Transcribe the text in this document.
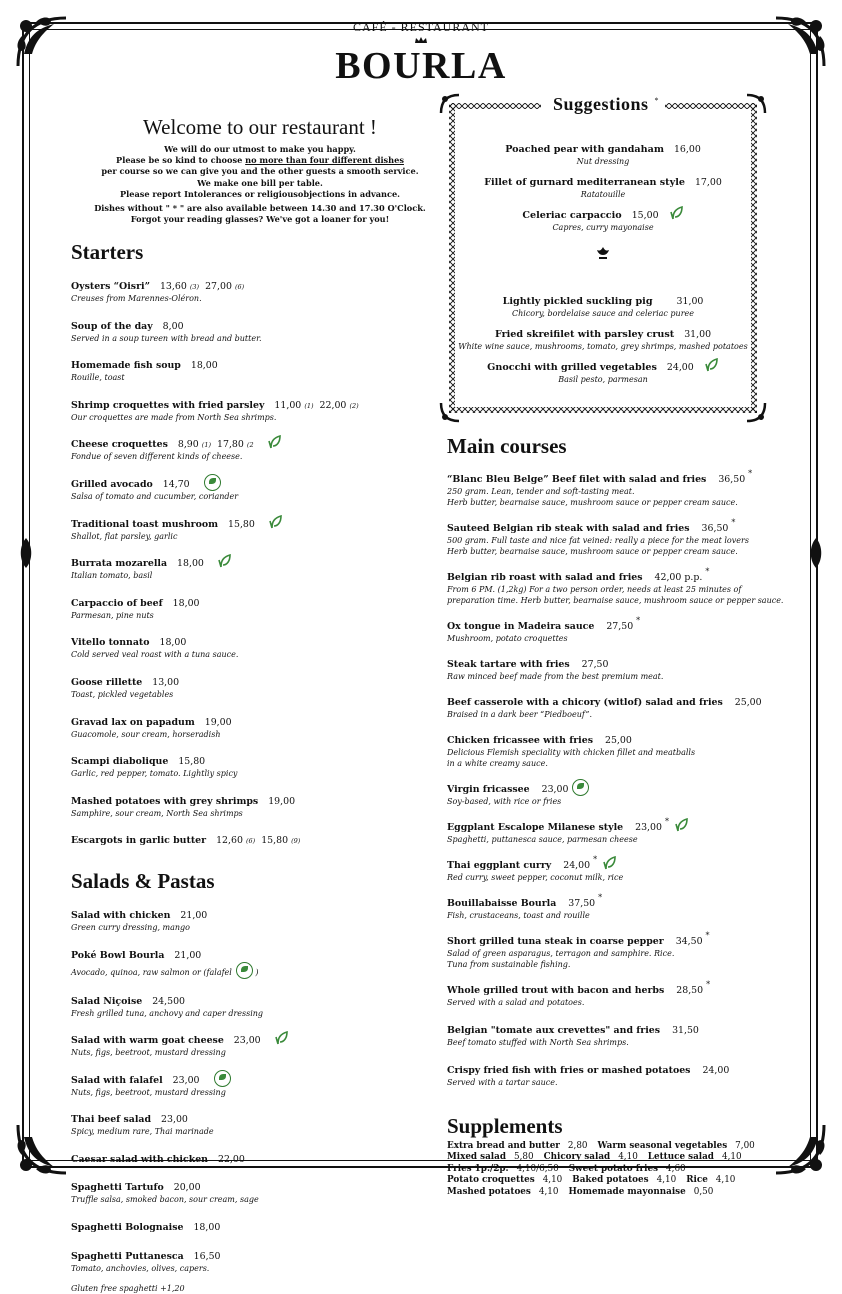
CAFÉ - RESTAURANT
BOURLA
Welcome to our restaurant !
We will do our utmost to make you happy.
Please be so kind to choose no more than four different dishes
per course so we can give you and the other guests a smooth service.
We make one bill per table.
Please report Intolerances or religiousobjections in advance.
Dishes without " * " are also available between 14.30 and 17.30 O'Clock.
Forgot your reading glasses? We've got a loaner for you!
Starters
Oysters “Oisri” 13,60 (3) 27,00 (6)
Creuses from Marennes-Oléron.
Soup of the day 8,00
Served in a soup tureen with bread and butter.
Homemade fish soup 18,00
Rouille, toast
Shrimp croquettes with fried parsley 11,00 (1) 22,00 (2)
Our croquettes are made from North Sea shrimps.
Cheese croquettes 8,90 (1) 17,80 (2
Fondue of seven different kinds of cheese.
Grilled avocado 14,70
Salsa of tomato and cucumber, coriander
Traditional toast mushroom 15,80
Shallot, flat parsley, garlic
Burrata mozarella 18,00
Italian tomato, basil
Carpaccio of beef 18,00
Parmesan, pine nuts
Vitello tonnato 18,00
Cold served veal roast with a tuna sauce.
Goose rillette 13,00
Toast, pickled vegetables
Gravad lax on papadum 19,00
Guacomole, sour cream, horseradish
Scampi diabolique 15,80
Garlic, red pepper, tomato. Lightliy spicy
Mashed potatoes with grey shrimps 19,00
Samphire, sour cream, North Sea shrimps
Escargots in garlic butter 12,60 (6) 15,80 (9)
Salads & Pastas
Salad with chicken 21,00
Green curry dressing, mango
Poké Bowl Bourla 21,00
Avocado, quinoa, raw salmon or (falafel	)
Salad Niçoise 24,500
Fresh grilled tuna, anchovy and caper dressing
Salad with warm goat cheese 23,00
Nuts, figs, beetroot, mustard dressing
Salad with falafel 23,00
Nuts, figs, beetroot, mustard dressing
Thai beef salad 23,00
Spicy, medium rare, Thai marinade
Caesar salad with chicken 22,00
Spaghetti Tartufo 20,00
Truffle salsa, smoked bacon, sour cream, sage
Spaghetti Bolognaise 18,00
Spaghetti Puttanesca 16,50
Tomato, anchovies, olives, capers.
Gluten free spaghetti +1,20
Suggestions *
Poached pear with gandaham 16,00
Nut dressing
Fillet of gurnard mediterranean style 17,00
Ratatouille
Celeriac carpaccio 15,00
Capres, curry mayonaise
Lightly pickled suckling pig	31,00
Chicory, bordelaise sauce and celeriac puree
Fried skreifilet with parsley crust 31,00
White wine sauce, mushrooms, tomato, grey shrimps, mashed potatoes
Gnocchi with grilled vegetables 24,00
Basil pesto, parmesan
Main courses
“Blanc Bleu Belge” Beef filet with salad and fries 36,50*
250 gram. Lean, tender and soft-tasting meat.
Herb butter, bearnaise sauce, mushroom sauce or pepper cream sauce.
Sauteed Belgian rib steak with salad and fries 36,50*
500 gram. Full taste and nice fat veined: really a piece for the meat lovers
Herb butter, bearnaise sauce, mushroom sauce or pepper cream sauce.
Belgian rib roast with salad and fries 42,00 p.p.*
From 6 PM. (1,2kg) For a two person order, needs at least 25 minutes of
preparation time. Herb butter, bearnaise sauce, mushroom sauce or pepper sauce.
Ox tongue in Madeira sauce 27,50*
Mushroom, potato croquettes
Steak tartare with fries 27,50
Raw minced beef made from the best premium meat.
Beef casserole with a chicory (witlof) salad and fries 25,00
Braised in a dark beer “Piedboeuf”.
Chicken fricassee with fries 25,00
Delicious Flemish speciality with chicken fillet and meatballs
in a white creamy sauce.
Virgin fricassee 23,00
Soy-based, with rice or fries
Eggplant Escalope Milanese style 23,00*
Spaghetti, puttanesca sauce, parmesan cheese
Thai eggplant curry 24,00*
Red curry, sweet pepper, coconut milk, rice
Bouillabaisse Bourla 37,50*
Fish, crustaceans, toast and rouille
Short grilled tuna steak in coarse pepper 34,50*
Salad of green asparagus, terragon and samphire. Rice.
Tuna from sustainable fishing.
Whole grilled trout with bacon and herbs 28,50*
Served with a salad and potatoes.
Belgian "tomate aux crevettes" and fries 31,50
Beef tomato stuffed with North Sea shrimps.
Crispy fried fish with fries or mashed potatoes 24,00
Served with a tartar sauce.
Supplements
Extra bread and butter 2,80 Warm seasonal vegetables 7,00
Mixed salad 5,80 Chicory salad 4,10 Lettuce salad 4,10
Fries 1p./2p. 4,10/6,50 Sweet potato fries 4,60
Potato croquettes 4,10 Baked potatoes 4,10 Rice 4,10
Mashed potatoes 4,10 Homemade mayonnaise 0,50
